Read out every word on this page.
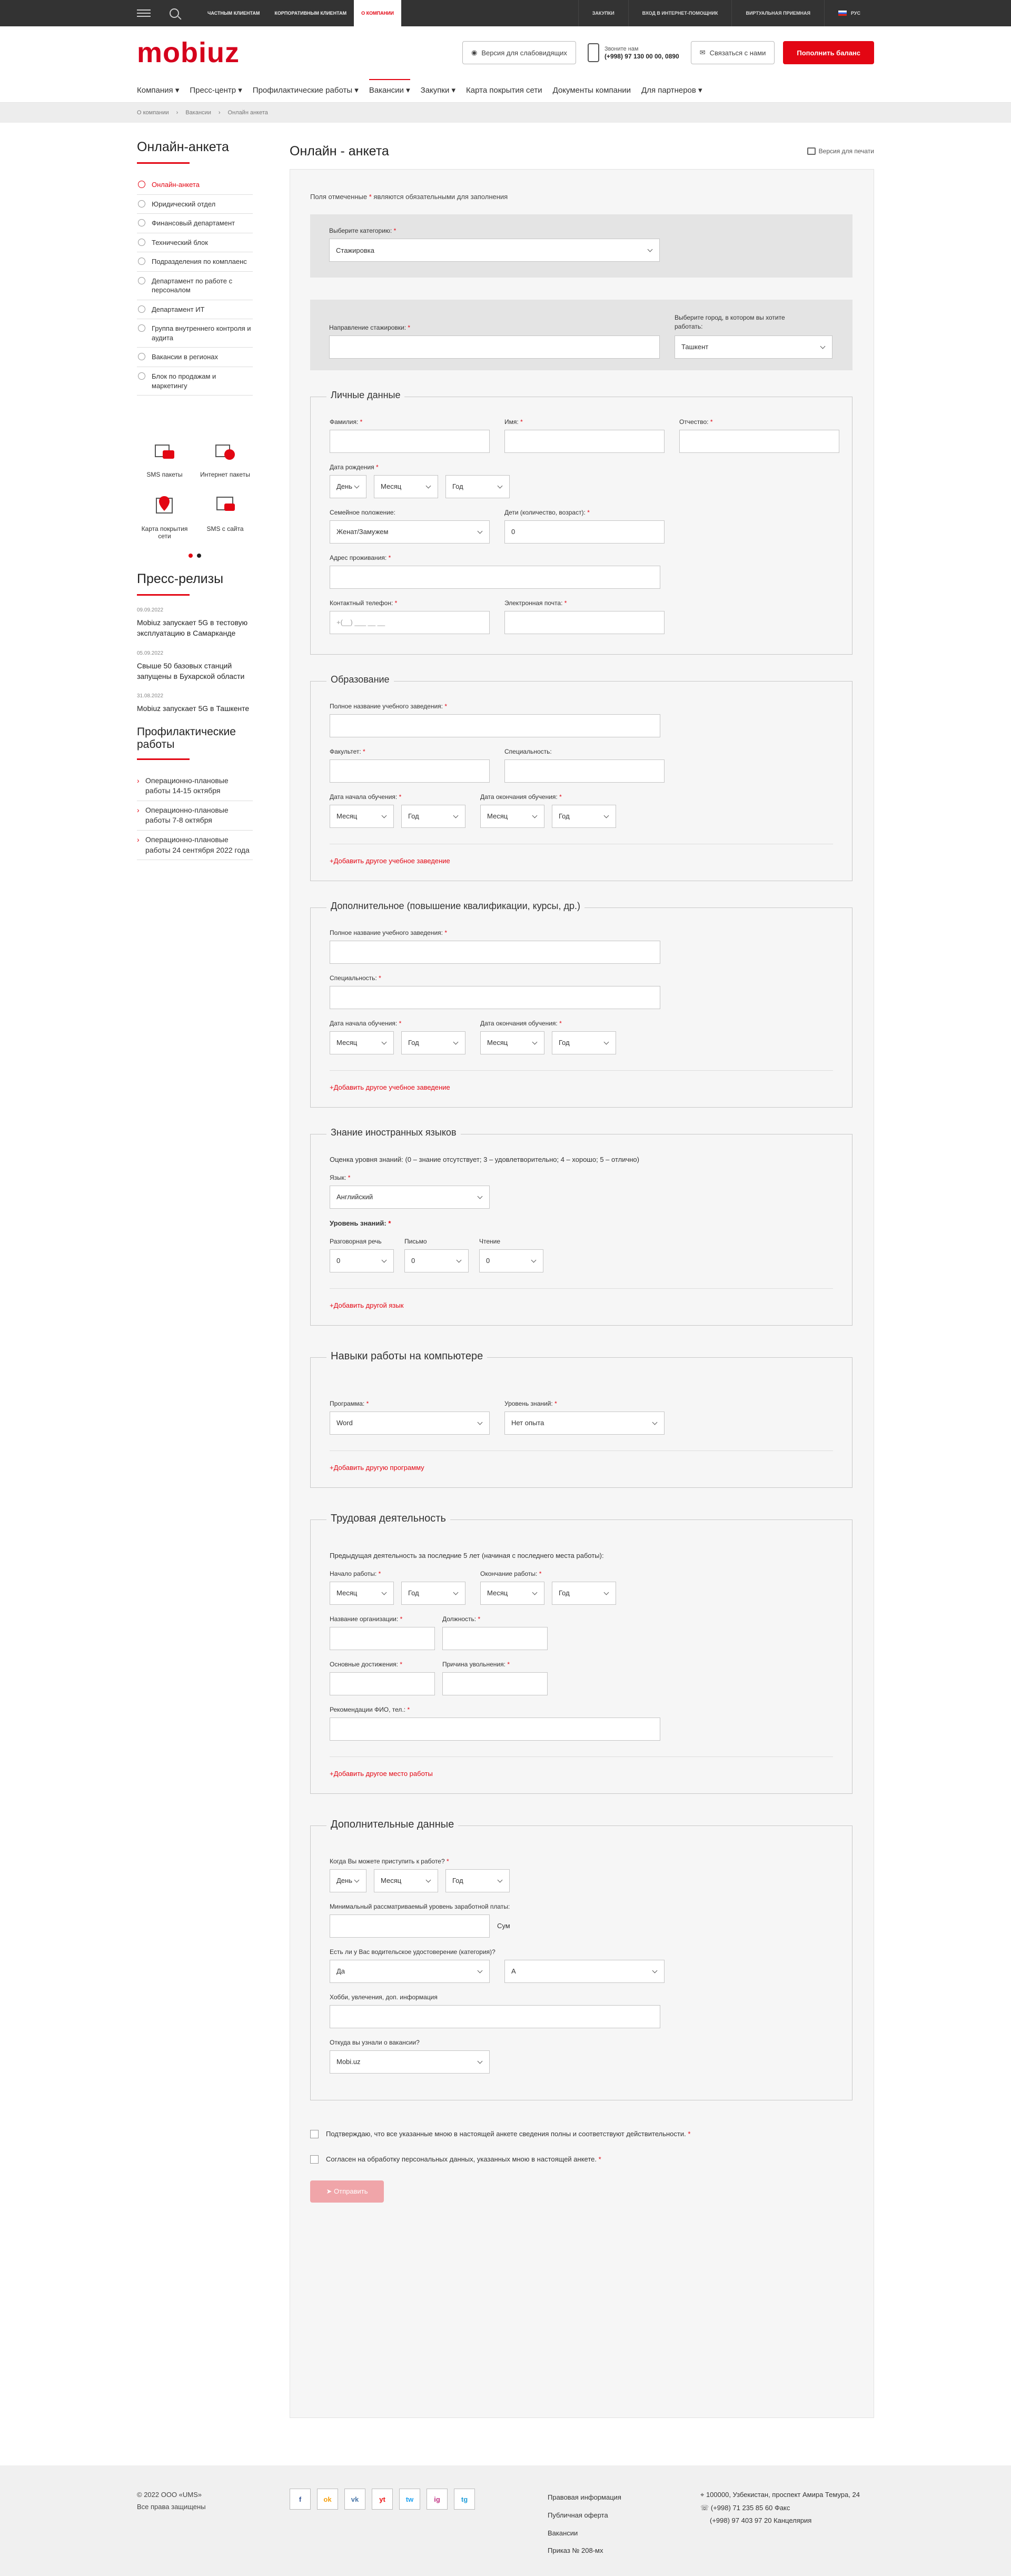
ЧАСТНЫМ КЛИЕНТАМ	КОРПОРАТИВНЫМ КЛИЕНТАМ	О КОМПАНИИ	ЗАКУПКИ	ВХОД В ИНТЕРНЕТ-ПОМОЩНИК	ВИРТУАЛЬНАЯ ПРИЕМНАЯ	РУС
mobiuz	◉ Версия для слабовидящих	Звоните нам
(+998) 97 130 00 00, 0890	✉ Связаться с нами	Пополнить баланс
Компания ▾ Пресс-центр ▾ Профилактические работы ▾ Вакансии ▾ Закупки ▾ Карта покрытия сети Документы компании Для партнеров ▾
О компании › Вакансии › Онлайн анкета
Онлайн-анкета
Онлайн-анкета
Юридический отдел
Финансовый департамент
Технический блок
Подразделения по комплаенс
Департамент по работе с персоналом
Департамент ИТ
Группа внутреннего контроля и аудита
Вакансии в регионах
Блок по продажам и маркетингу
SMS пакеты	Интернет пакеты
Карта покрытия сети
SMS с сайта
Пресс-релизы
09.09.2022
Mobiuz запускает 5G в тестовую эксплуатацию в Самарканде
05.09.2022
Свыше 50 базовых станций запущены в Бухарской области
31.08.2022
Mobiuz запускает 5G в Ташкенте
Профилактические работы
› Операционно-плановые работы 14-15 октября
› Операционно-плановые работы 7-8 октября
› Операционно-плановые работы 24 сентября 2022 года
Онлайн - анкета	Версия для печати
Поля отмеченные * являются обязательными для заполнения
Выберите категорию: *
Стажировка
Направление стажировки: *
Выберите город, в котором вы хотите работать:
Ташкент
Личные данные
Фамилия: *	Имя: *	Отчество: *
Дата рождения *
День	Месяц	Год
Семейное положение:
Женат/Замужем
Дети (количество, возраст): *
0
Адрес проживания: *
Контактный телефон: *
+(__) ___ __ __
Электронная почта: *
Образование
Полное название учебного заведения: *
Факультет: *	Специальность:
Дата начала обучения: *
Месяц	Год
Дата окончания обучения: *
Месяц	Год
+Добавить другое учебное заведение
Дополнительное (повышение квалификации, курсы, др.)
Полное название учебного заведения: *
Специальность: *
Дата начала обучения: *
Месяц	Год
Дата окончания обучения: *
Месяц	Год
+Добавить другое учебное заведение
Знание иностранных языков
Оценка уровня знаний: (0 – знание отсутствует; 3 – удовлетворительно; 4 – хорошо; 5 – отлично)
Язык: *
Английский
Уровень знаний: *
Разговорная речь
0
Письмо
0
Чтение
0
+Добавить другой язык
Навыки работы на компьютере
Программа: *
Word
Уровень знаний: *
Нет опыта
+Добавить другую программу
Трудовая деятельность
Предыдущая деятельность за последние 5 лет (начиная с последнего места работы):
Начало работы: *
Месяц	Год
Окончание работы: *
Месяц	Год
Название организации: *	Должность: *
Основные достижения: *	Причина увольнения: *
Рекомендации ФИО, тел.: *
+Добавить другое место работы
Дополнительные данные
Когда Вы можете приступить к работе? *
День	Месяц	Год
Минимальный рассматриваемый уровень заработной платы:
Сум
Есть ли у Вас водительское удостоверение (категория)?
Да	A
Хобби, увлечения, доп. информация
Откуда вы узнали о вакансии?
Mobi.uz
Подтверждаю, что все указанные мною в настоящей анкете сведения полны и соответствуют действительности. *
Согласен на обработку персональных данных, указанных мною в настоящей анкете. *
➤ Отправить
© 2022 ООО «UMS»
Все права защищены
f	ok	vk	yt	tw	ig	tg	Правовая информация
Публичная оферта
Вакансии
Приказ № 208-мх
⌖ 100000, Узбекистан, проспект Амира Темура, 24
☏ (+998) 71 235 85 60 Факс
(+998) 97 403 97 20 Канцелярия
